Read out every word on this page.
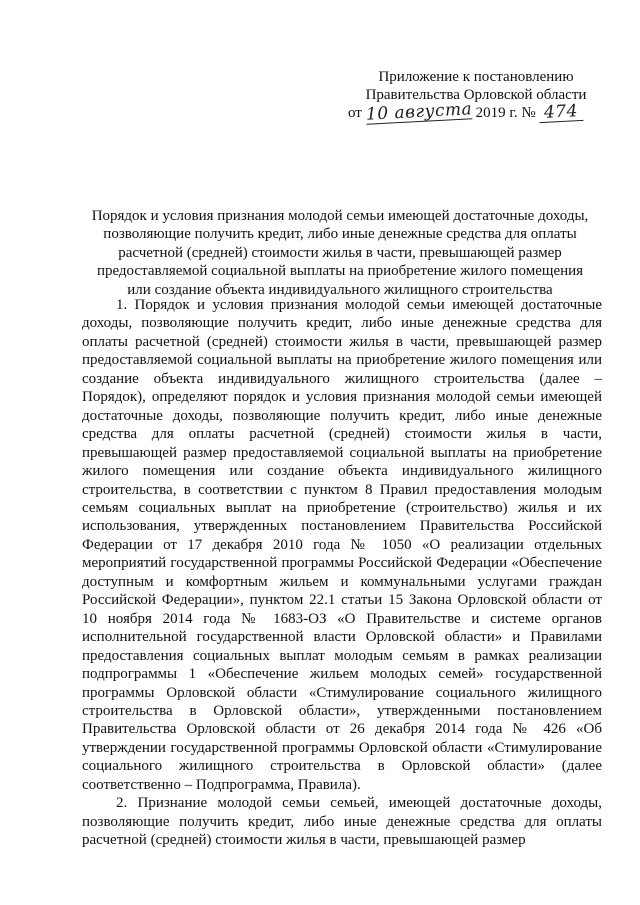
Приложение к постановлению
Правительства Орловской области
от 10 августа 2019 г. № 474
Порядок и условия признания молодой семьи имеющей достаточные доходы,
позволяющие получить кредит, либо иные денежные средства для оплаты
расчетной (средней) стоимости жилья в части, превышающей размер
предоставляемой социальной выплаты на приобретение жилого помещения
или создание объекта индивидуального жилищного строительства

1. Порядок и условия признания молодой семьи имеющей достаточные доходы, позволяющие получить кредит, либо иные денежные средства для оплаты расчетной (средней) стоимости жилья в части, превышающей размер предоставляемой социальной выплаты на приобретение жилого помещения или создание объекта индивидуального жилищного строительства (далее – Порядок), определяют порядок и условия признания молодой семьи имеющей достаточные доходы, позволяющие получить кредит, либо иные денежные средства для оплаты расчетной (средней) стоимости жилья в части, превышающей размер предоставляемой социальной выплаты на приобретение жилого помещения или создание объекта индивидуального жилищного строительства, в соответствии с пунктом 8 Правил предоставления молодым семьям социальных выплат на приобретение (строительство) жилья и их использования, утвержденных постановлением Правительства Российской Федерации от 17 декабря 2010 года № 1050 «О реализации отдельных мероприятий государственной программы Российской Федерации «Обеспечение доступным и комфортным жильем и коммунальными услугами граждан Российской Федерации», пунктом 22.1 статьи 15 Закона Орловской области от 10 ноября 2014 года № 1683-ОЗ «О Правительстве и системе органов исполнительной государственной власти Орловской области» и Правилами предоставления социальных выплат молодым семьям в рамках реализации подпрограммы 1 «Обеспечение жильем молодых семей» государственной программы Орловской области «Стимулирование социального жилищного строительства в Орловской области», утвержденными постановлением Правительства Орловской области от 26 декабря 2014 года № 426 «Об утверждении государственной программы Орловской области «Стимулирование социального жилищного строительства в Орловской области» (далее соответственно – Подпрограмма, Правила).

2. Признание молодой семьи семьей, имеющей достаточные доходы, позволяющие получить кредит, либо иные денежные средства для оплаты расчетной (средней) стоимости жилья в части, превышающей размер
